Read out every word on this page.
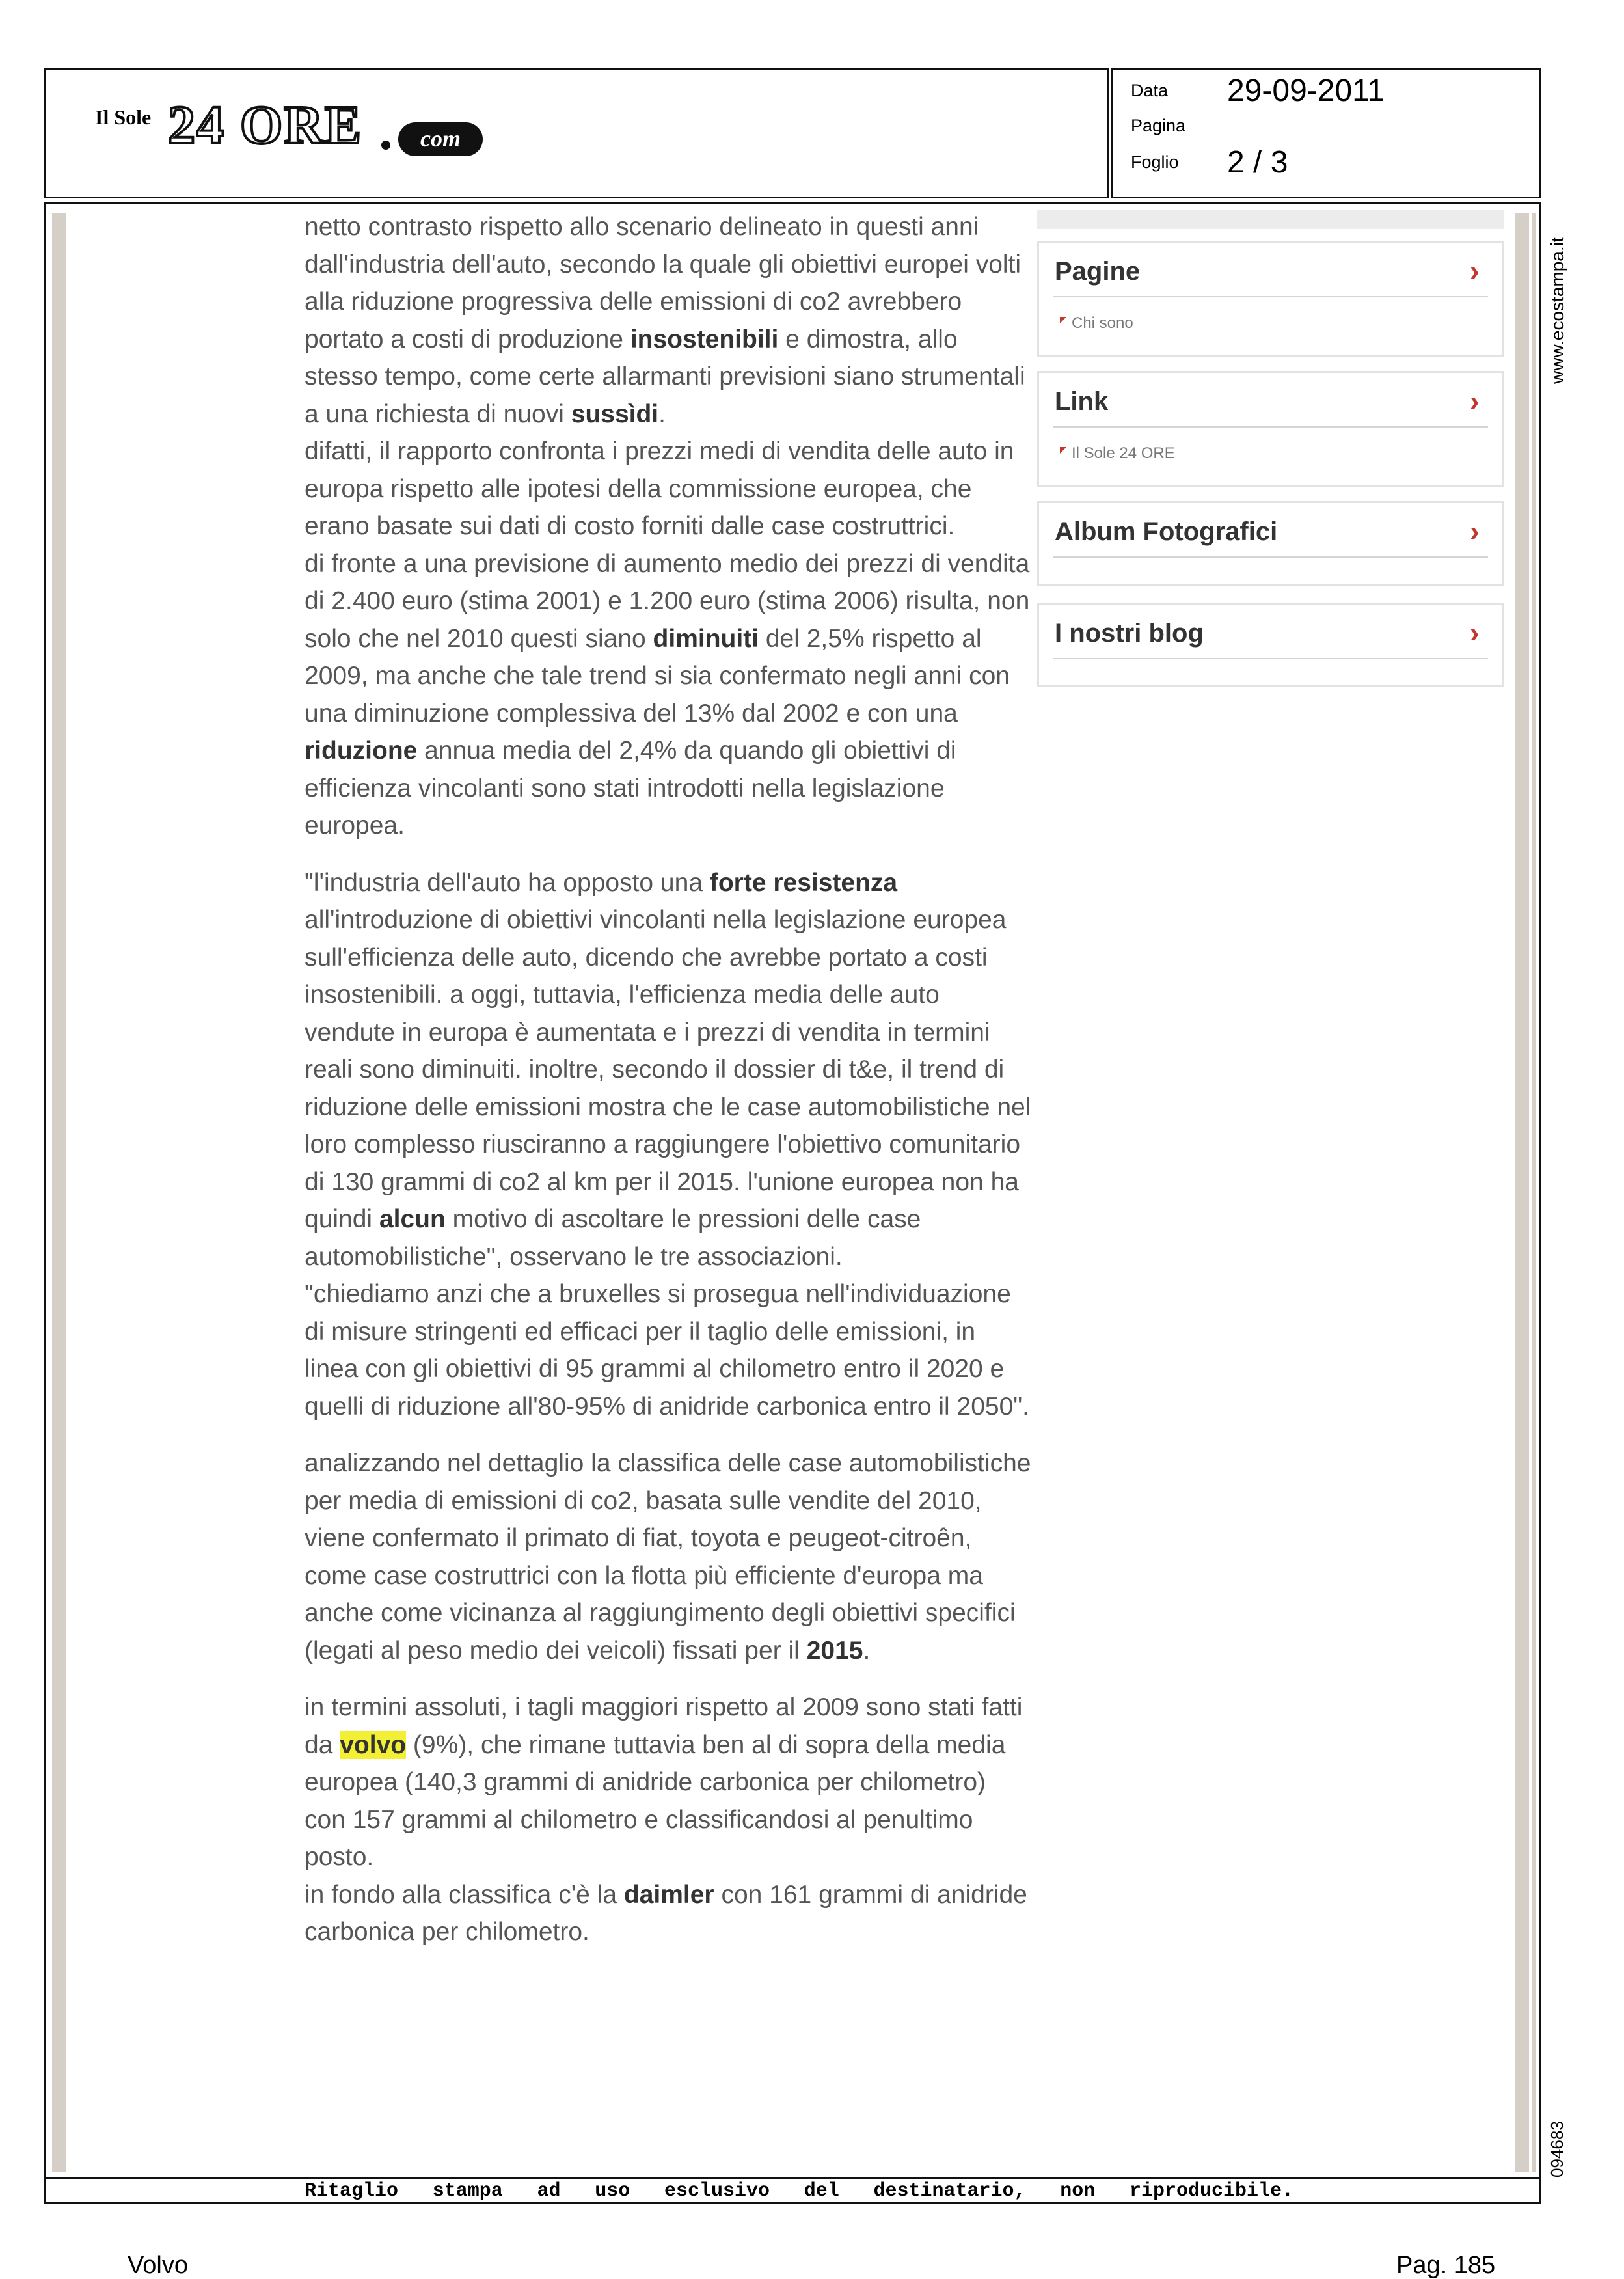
Il Sole 24 ORE	com
Data 29-09-2011
Pagina
Foglio 2 / 3

netto contrasto rispetto allo scenario delineato in questi anni dall'industria dell'auto, secondo la quale gli obiettivi europei volti alla riduzione progressiva delle emissioni di co2 avrebbero portato a costi di produzione insostenibili e dimostra, allo stesso tempo, come certe allarmanti previsioni siano strumentali a una richiesta di nuovi sussìdi.

difatti, il rapporto confronta i prezzi medi di vendita delle auto in europa rispetto alle ipotesi della commissione europea, che erano basate sui dati di costo forniti dalle case costruttrici.

di fronte a una previsione di aumento medio dei prezzi di vendita di 2.400 euro (stima 2001) e 1.200 euro (stima 2006) risulta, non solo che nel 2010 questi siano diminuiti del 2,5% rispetto al 2009, ma anche che tale trend si sia confermato negli anni con una diminuzione complessiva del 13% dal 2002 e con una riduzione annua media del 2,4% da quando gli obiettivi di efficienza vincolanti sono stati introdotti nella legislazione europea.

"l'industria dell'auto ha opposto una forte resistenza all'introduzione di obiettivi vincolanti nella legislazione europea sull'efficienza delle auto, dicendo che avrebbe portato a costi insostenibili. a oggi, tuttavia, l'efficienza media delle auto vendute in europa è aumentata e i prezzi di vendita in termini reali sono diminuiti. inoltre, secondo il dossier di t&e, il trend di riduzione delle emissioni mostra che le case automobilistiche nel loro complesso riusciranno a raggiungere l'obiettivo comunitario di 130 grammi di co2 al km per il 2015. l'unione europea non ha quindi alcun motivo di ascoltare le pressioni delle case automobilistiche", osservano le tre associazioni.

"chiediamo anzi che a bruxelles si prosegua nell'individuazione di misure stringenti ed efficaci per il taglio delle emissioni, in linea con gli obiettivi di 95 grammi al chilometro entro il 2020 e quelli di riduzione all'80-95% di anidride carbonica entro il 2050".

analizzando nel dettaglio la classifica delle case automobilistiche per media di emissioni di co2, basata sulle vendite del 2010, viene confermato il primato di fiat, toyota e peugeot-citroên, come case costruttrici con la flotta più efficiente d'europa ma anche come vicinanza al raggiungimento degli obiettivi specifici (legati al peso medio dei veicoli) fissati per il 2015.

in termini assoluti, i tagli maggiori rispetto al 2009 sono stati fatti da volvo (9%), che rimane tuttavia ben al di sopra della media europea (140,3 grammi di anidride carbonica per chilometro) con 157 grammi al chilometro e classificandosi al penultimo posto.

in fondo alla classifica c'è la daimler con 161 grammi di anidride carbonica per chilometro.

Pagine	›
Chi sono
Link	›
Il Sole 24 ORE
Album Fotografici	›
I nostri blog	›
www.ecostampa.it
094683
Ritaglio stampa ad uso esclusivo del destinatario, non riproducibile.
Volvo	Pag. 185
